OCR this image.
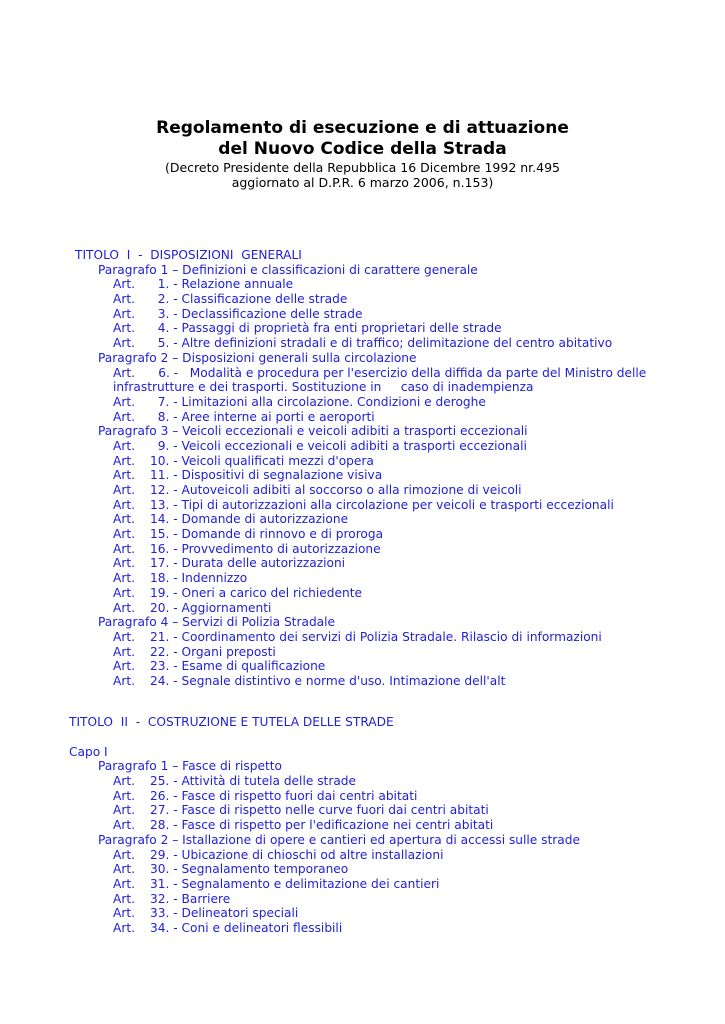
Regolamento di esecuzione e di attuazione
del Nuovo Codice della Strada
(Decreto Presidente della Repubblica 16 Dicembre 1992 nr.495
aggiornato al D.P.R. 6 marzo 2006, n.153)
TITOLO  I  -  DISPOSIZIONI  GENERALI
Paragrafo 1 – Definizioni e classificazioni di carattere generale
Art. 1. - Relazione annuale
Art. 2. - Classificazione delle strade
Art. 3. - Declassificazione delle strade
Art. 4. - Passaggi di proprietà fra enti proprietari delle strade
Art. 5. - Altre definizioni stradali e di traffico; delimitazione del centro abitativo
Paragrafo 2 – Disposizioni generali sulla circolazione
Art.      6. -   Modalità e procedura per l'esercizio della diffida da parte del Ministro delle
infrastrutture e dei trasporti. Sostituzione in     caso di inadempienza
Art. 7. - Limitazioni alla circolazione. Condizioni e deroghe
Art. 8. - Aree interne ai porti e aeroporti
Paragrafo 3 – Veicoli eccezionali e veicoli adibiti a trasporti eccezionali
Art. 9. - Veicoli eccezionali e veicoli adibiti a trasporti eccezionali
Art. 10. - Veicoli qualificati mezzi d'opera
Art. 11. - Dispositivi di segnalazione visiva
Art. 12. - Autoveicoli adibiti al soccorso o alla rimozione di veicoli
Art. 13. - Tipi di autorizzazioni alla circolazione per veicoli e trasporti eccezionali
Art. 14. - Domande di autorizzazione
Art. 15. - Domande di rinnovo e di proroga
Art. 16. - Provvedimento di autorizzazione
Art. 17. - Durata delle autorizzazioni
Art. 18. - Indennizzo
Art. 19. - Oneri a carico del richiedente
Art. 20. - Aggiornamenti
Paragrafo 4 – Servizi di Polizia Stradale
Art. 21. - Coordinamento dei servizi di Polizia Stradale. Rilascio di informazioni
Art. 22. - Organi preposti
Art. 23. - Esame di qualificazione
Art. 24. - Segnale distintivo e norme d'uso. Intimazione dell'alt
TITOLO  II  -  COSTRUZIONE E TUTELA DELLE STRADE
Capo I
Paragrafo 1 – Fasce di rispetto
Art. 25. - Attività di tutela delle strade
Art. 26. - Fasce di rispetto fuori dai centri abitati
Art. 27. - Fasce di rispetto nelle curve fuori dai centri abitati
Art. 28. - Fasce di rispetto per l'edificazione nei centri abitati
Paragrafo 2 – Istallazione di opere e cantieri ed apertura di accessi sulle strade
Art. 29. - Ubicazione di chioschi od altre installazioni
Art. 30. - Segnalamento temporaneo
Art. 31. - Segnalamento e delimitazione dei cantieri
Art. 32. - Barriere
Art. 33. - Delineatori speciali
Art. 34. - Coni e delineatori flessibili
